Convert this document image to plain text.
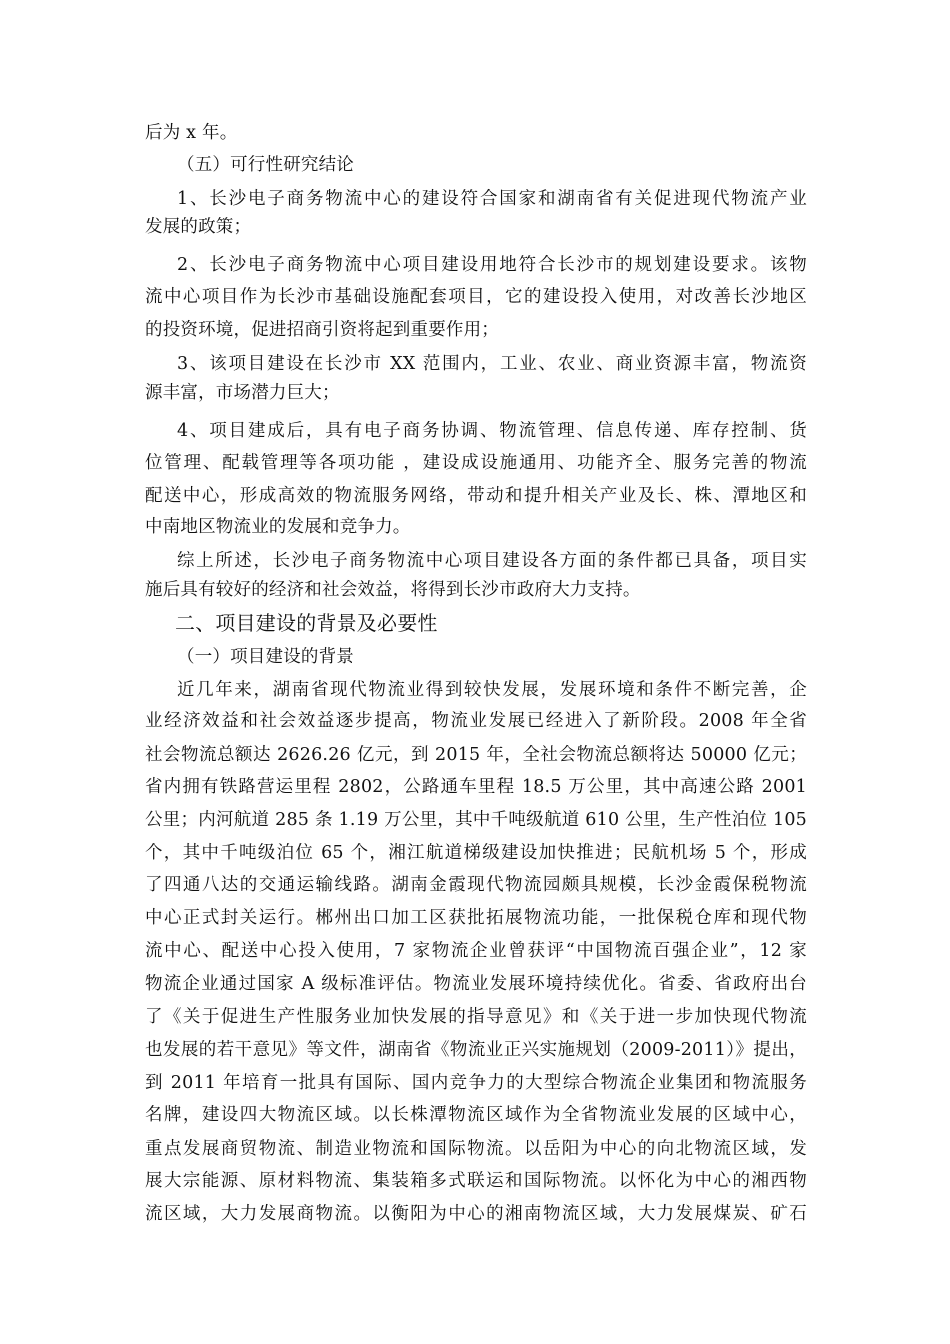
后为 x 年。
（五）可行性研究结论
1、长沙电子商务物流中心的建设符合国家和湖南省有关促进现代物流产业
发展的政策；
2、长沙电子商务物流中心项目建设用地符合长沙市的规划建设要求。该物
流中心项目作为长沙市基础设施配套项目，它的建设投入使用，对改善长沙地区
的投资环境，促进招商引资将起到重要作用；
3、该项目建设在长沙市 XX 范围内，工业、农业、商业资源丰富，物流资
源丰富，市场潜力巨大；
4、项目建成后，具有电子商务协调、物流管理、信息传递、库存控制、货
位管理、配载管理等各项功能 ，建设成设施通用、功能齐全、服务完善的物流
配送中心，形成高效的物流服务网络，带动和提升相关产业及长、株、潭地区和
中南地区物流业的发展和竞争力。
综上所述，长沙电子商务物流中心项目建设各方面的条件都已具备，项目实
施后具有较好的经济和社会效益，将得到长沙市政府大力支持。
二、项目建设的背景及必要性
（一）项目建设的背景
近几年来，湖南省现代物流业得到较快发展，发展环境和条件不断完善，企
业经济效益和社会效益逐步提高，物流业发展已经进入了新阶段。2008 年全省
社会物流总额达 2626.26 亿元，到 2015 年，全社会物流总额将达 50000 亿元；
省内拥有铁路营运里程 2802，公路通车里程 18.5 万公里，其中高速公路 2001
公里；内河航道 285 条 1.19 万公里，其中千吨级航道 610 公里，生产性泊位 105
个，其中千吨级泊位 65 个，湘江航道梯级建设加快推进；民航机场 5 个，形成
了四通八达的交通运输线路。湖南金霞现代物流园颇具规模，长沙金霞保税物流
中心正式封关运行。郴州出口加工区获批拓展物流功能，一批保税仓库和现代物
流中心、配送中心投入使用，7 家物流企业曾获评“中国物流百强企业”，12 家
物流企业通过国家 A 级标准评估。物流业发展环境持续优化。省委、省政府出台
了《关于促进生产性服务业加快发展的指导意见》和《关于进一步加快现代物流
也发展的若干意见》等文件，湖南省《物流业正兴实施规划（2009-2011）》提出，
到 2011 年培育一批具有国际、国内竞争力的大型综合物流企业集团和物流服务
名牌，建设四大物流区域。以长株潭物流区域作为全省物流业发展的区域中心，
重点发展商贸物流、制造业物流和国际物流。以岳阳为中心的向北物流区域，发
展大宗能源、原材料物流、集装箱多式联运和国际物流。以怀化为中心的湘西物
流区域，大力发展商物流。以衡阳为中心的湘南物流区域，大力发展煤炭、矿石
